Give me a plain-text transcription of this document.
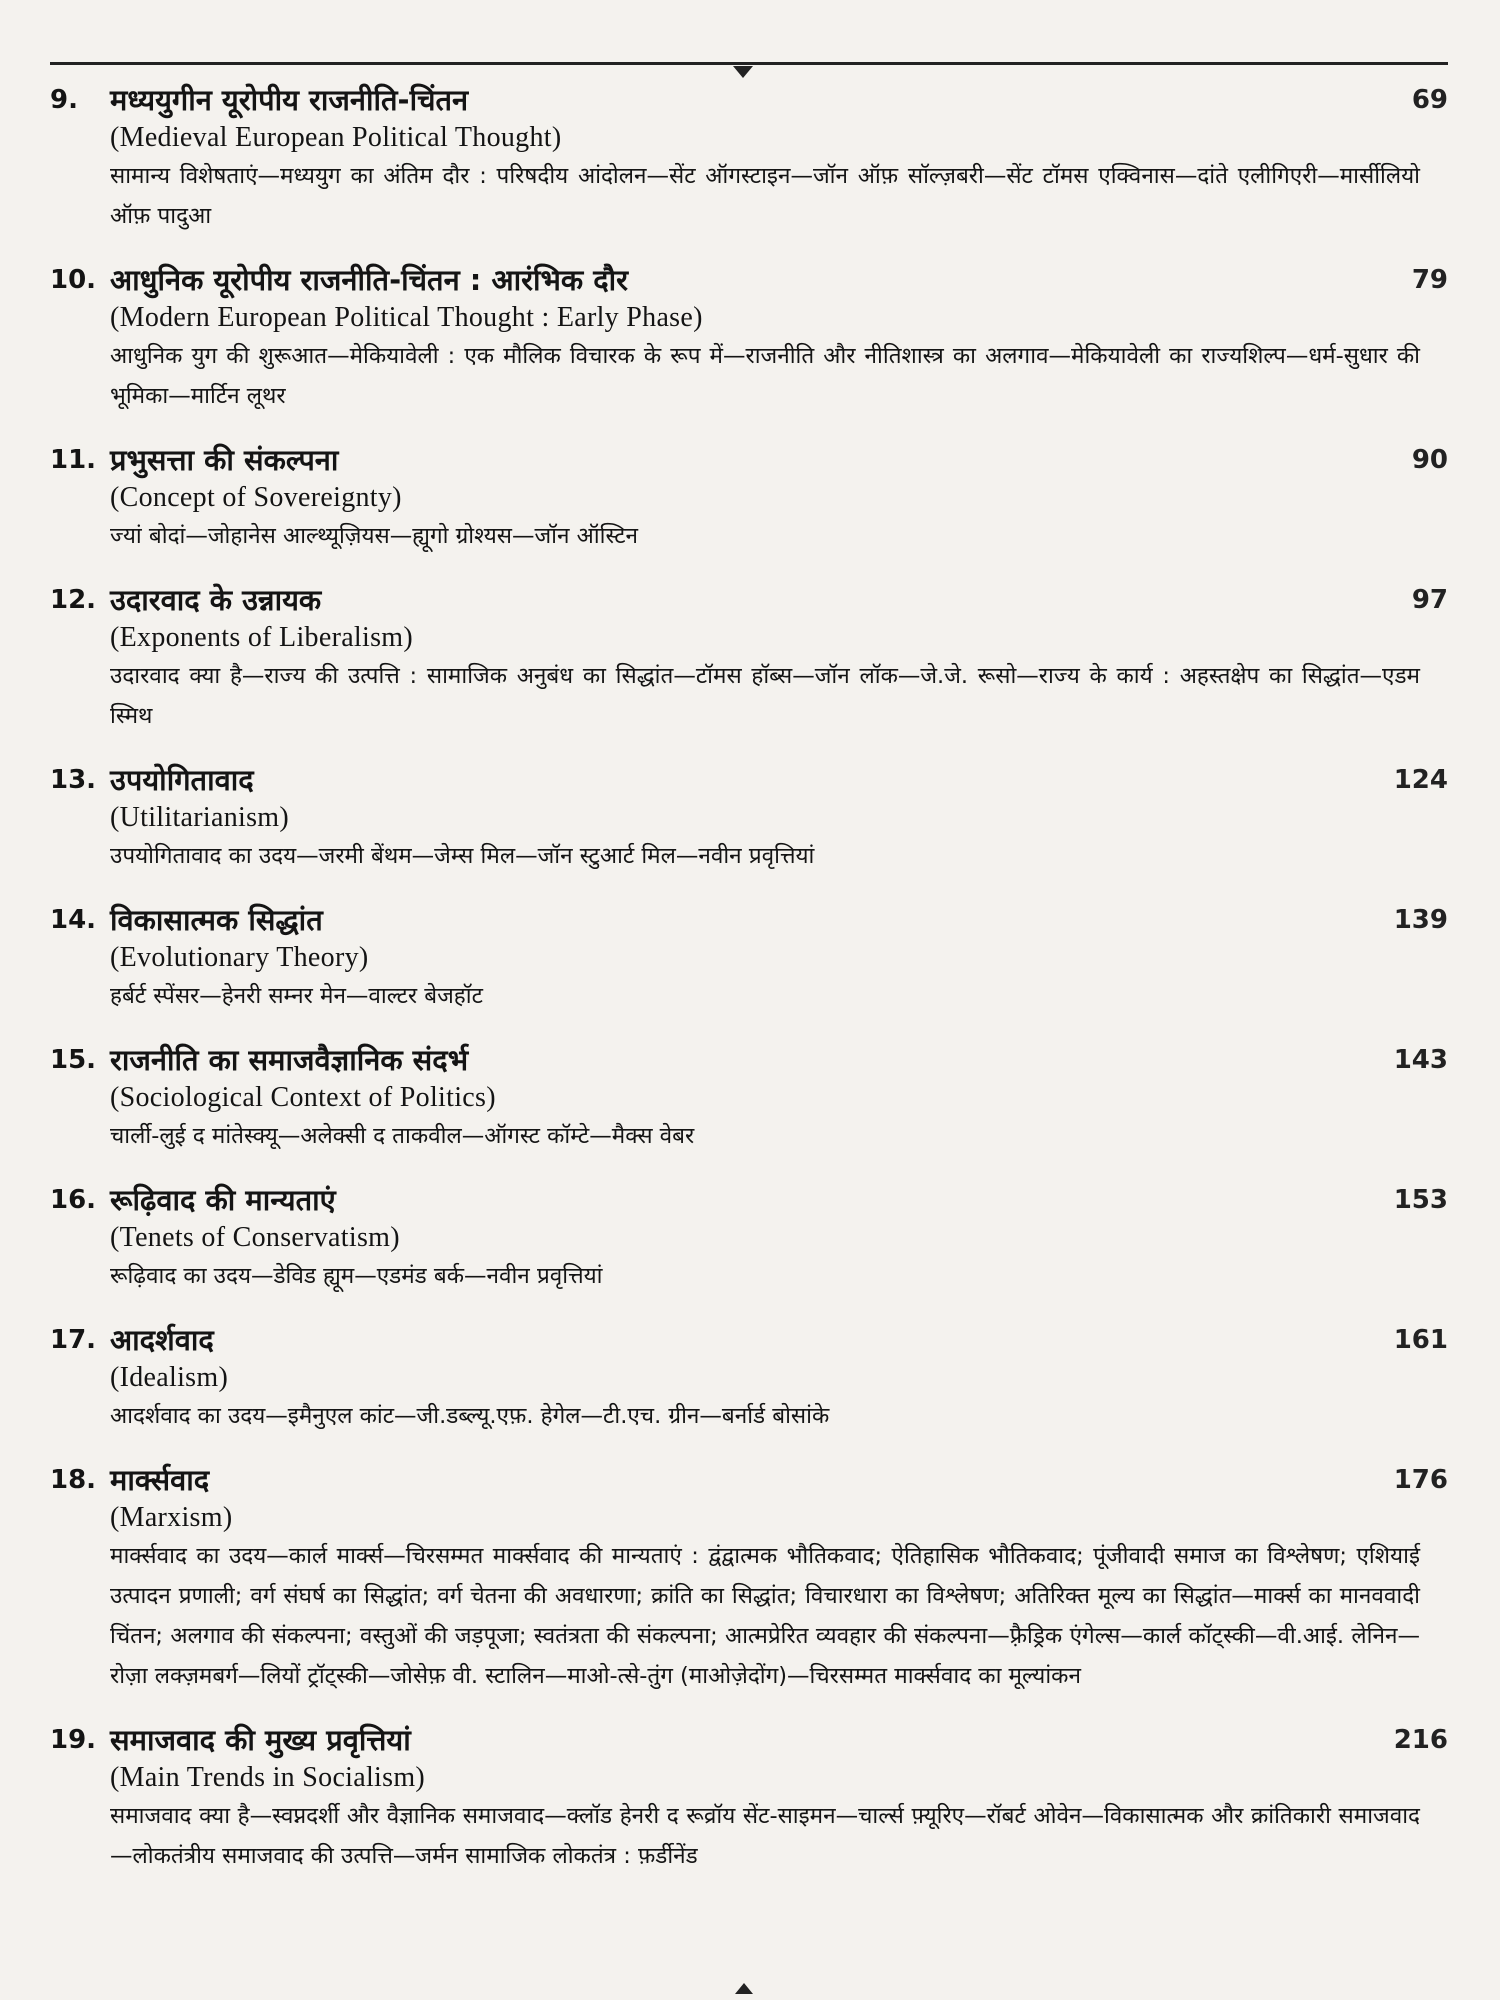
9.	मध्ययुगीन यूरोपीय राजनीति-चिंतन	69
(Medieval European Political Thought)
सामान्य विशेषताएं—मध्ययुग का अंतिम दौर : परिषदीय आंदोलन—सेंट ऑगस्टाइन—जॉन ऑफ़ सॉल्ज़बरी—सेंट टॉमस एक्विनास—दांते एलीगिएरी—मार्सीलियो ऑफ़ पादुआ
10. आधुनिक यूरोपीय राजनीति-चिंतन : आरंभिक दौर	79
(Modern European Political Thought : Early Phase)
आधुनिक युग की शुरूआत—मेकियावेली : एक मौलिक विचारक के रूप में—राजनीति और नीतिशास्त्र का अलगाव—मेकियावेली का राज्यशिल्प—धर्म-सुधार की भूमिका—मार्टिन लूथर
11. प्रभुसत्ता की संकल्पना	90
(Concept of Sovereignty)
ज्यां बोदां—जोहानेस आल्थ्यूज़ियस—ह्यूगो ग्रोश्यस—जॉन ऑस्टिन
12. उदारवाद के उन्नायक	97
(Exponents of Liberalism)
उदारवाद क्या है—राज्य की उत्पत्ति : सामाजिक अनुबंध का सिद्धांत—टॉमस हॉब्स—जॉन लॉक—जे.जे. रूसो—राज्य के कार्य : अहस्तक्षेप का सिद्धांत—एडम स्मिथ
13. उपयोगितावाद	124
(Utilitarianism)
उपयोगितावाद का उदय—जरमी बेंथम—जेम्स मिल—जॉन स्टुआर्ट मिल—नवीन प्रवृत्तियां
14. विकासात्मक सिद्धांत	139
(Evolutionary Theory)
हर्बर्ट स्पेंसर—हेनरी सम्नर मेन—वाल्टर बेजहॉट
15. राजनीति का समाजवैज्ञानिक संदर्भ	143
(Sociological Context of Politics)
चार्ली-लुई द मांतेस्क्यू—अलेक्सी द ताकवील—ऑगस्ट कॉम्टे—मैक्स वेबर
16. रूढ़िवाद की मान्यताएं	153
(Tenets of Conservatism)
रूढ़िवाद का उदय—डेविड ह्यूम—एडमंड बर्क—नवीन प्रवृत्तियां
17. आदर्शवाद	161
(Idealism)
आदर्शवाद का उदय—इमैनुएल कांट—जी.डब्ल्यू.एफ़. हेगेल—टी.एच. ग्रीन—बर्नार्ड बोसांके
18. मार्क्सवाद	176
(Marxism)
मार्क्सवाद का उदय—कार्ल मार्क्स—चिरसम्मत मार्क्सवाद की मान्यताएं : द्वंद्वात्मक भौतिकवाद; ऐतिहासिक भौतिकवाद; पूंजीवादी समाज का विश्लेषण; एशियाई उत्पादन प्रणाली; वर्ग संघर्ष का सिद्धांत; वर्ग चेतना की अवधारणा; क्रांति का सिद्धांत; विचारधारा का विश्लेषण; अतिरिक्त मूल्य का सिद्धांत—मार्क्स का मानववादी चिंतन; अलगाव की संकल्पना; वस्तुओं की जड़पूजा; स्वतंत्रता की संकल्पना; आत्मप्रेरित व्यवहार की संकल्पना—फ़्रैड्रिक एंगेल्स—कार्ल कॉट्स्की—वी.आई. लेनिन—रोज़ा लक्ज़मबर्ग—लियों ट्रॉट्स्की—जोसेफ़ वी. स्टालिन—माओ-त्से-तुंग (माओज़ेदोंग)—चिरसम्मत मार्क्सवाद का मूल्यांकन
19. समाजवाद की मुख्य प्रवृत्तियां	216
(Main Trends in Socialism)
समाजवाद क्या है—स्वप्नदर्शी और वैज्ञानिक समाजवाद—क्लॉड हेनरी द रूव्रॉय सेंट-साइमन—चार्ल्स फ़्यूरिए—रॉबर्ट ओवेन—विकासात्मक और क्रांतिकारी समाजवाद—लोकतंत्रीय समाजवाद की उत्पत्ति—जर्मन सामाजिक लोकतंत्र : फ़र्डीनेंड
